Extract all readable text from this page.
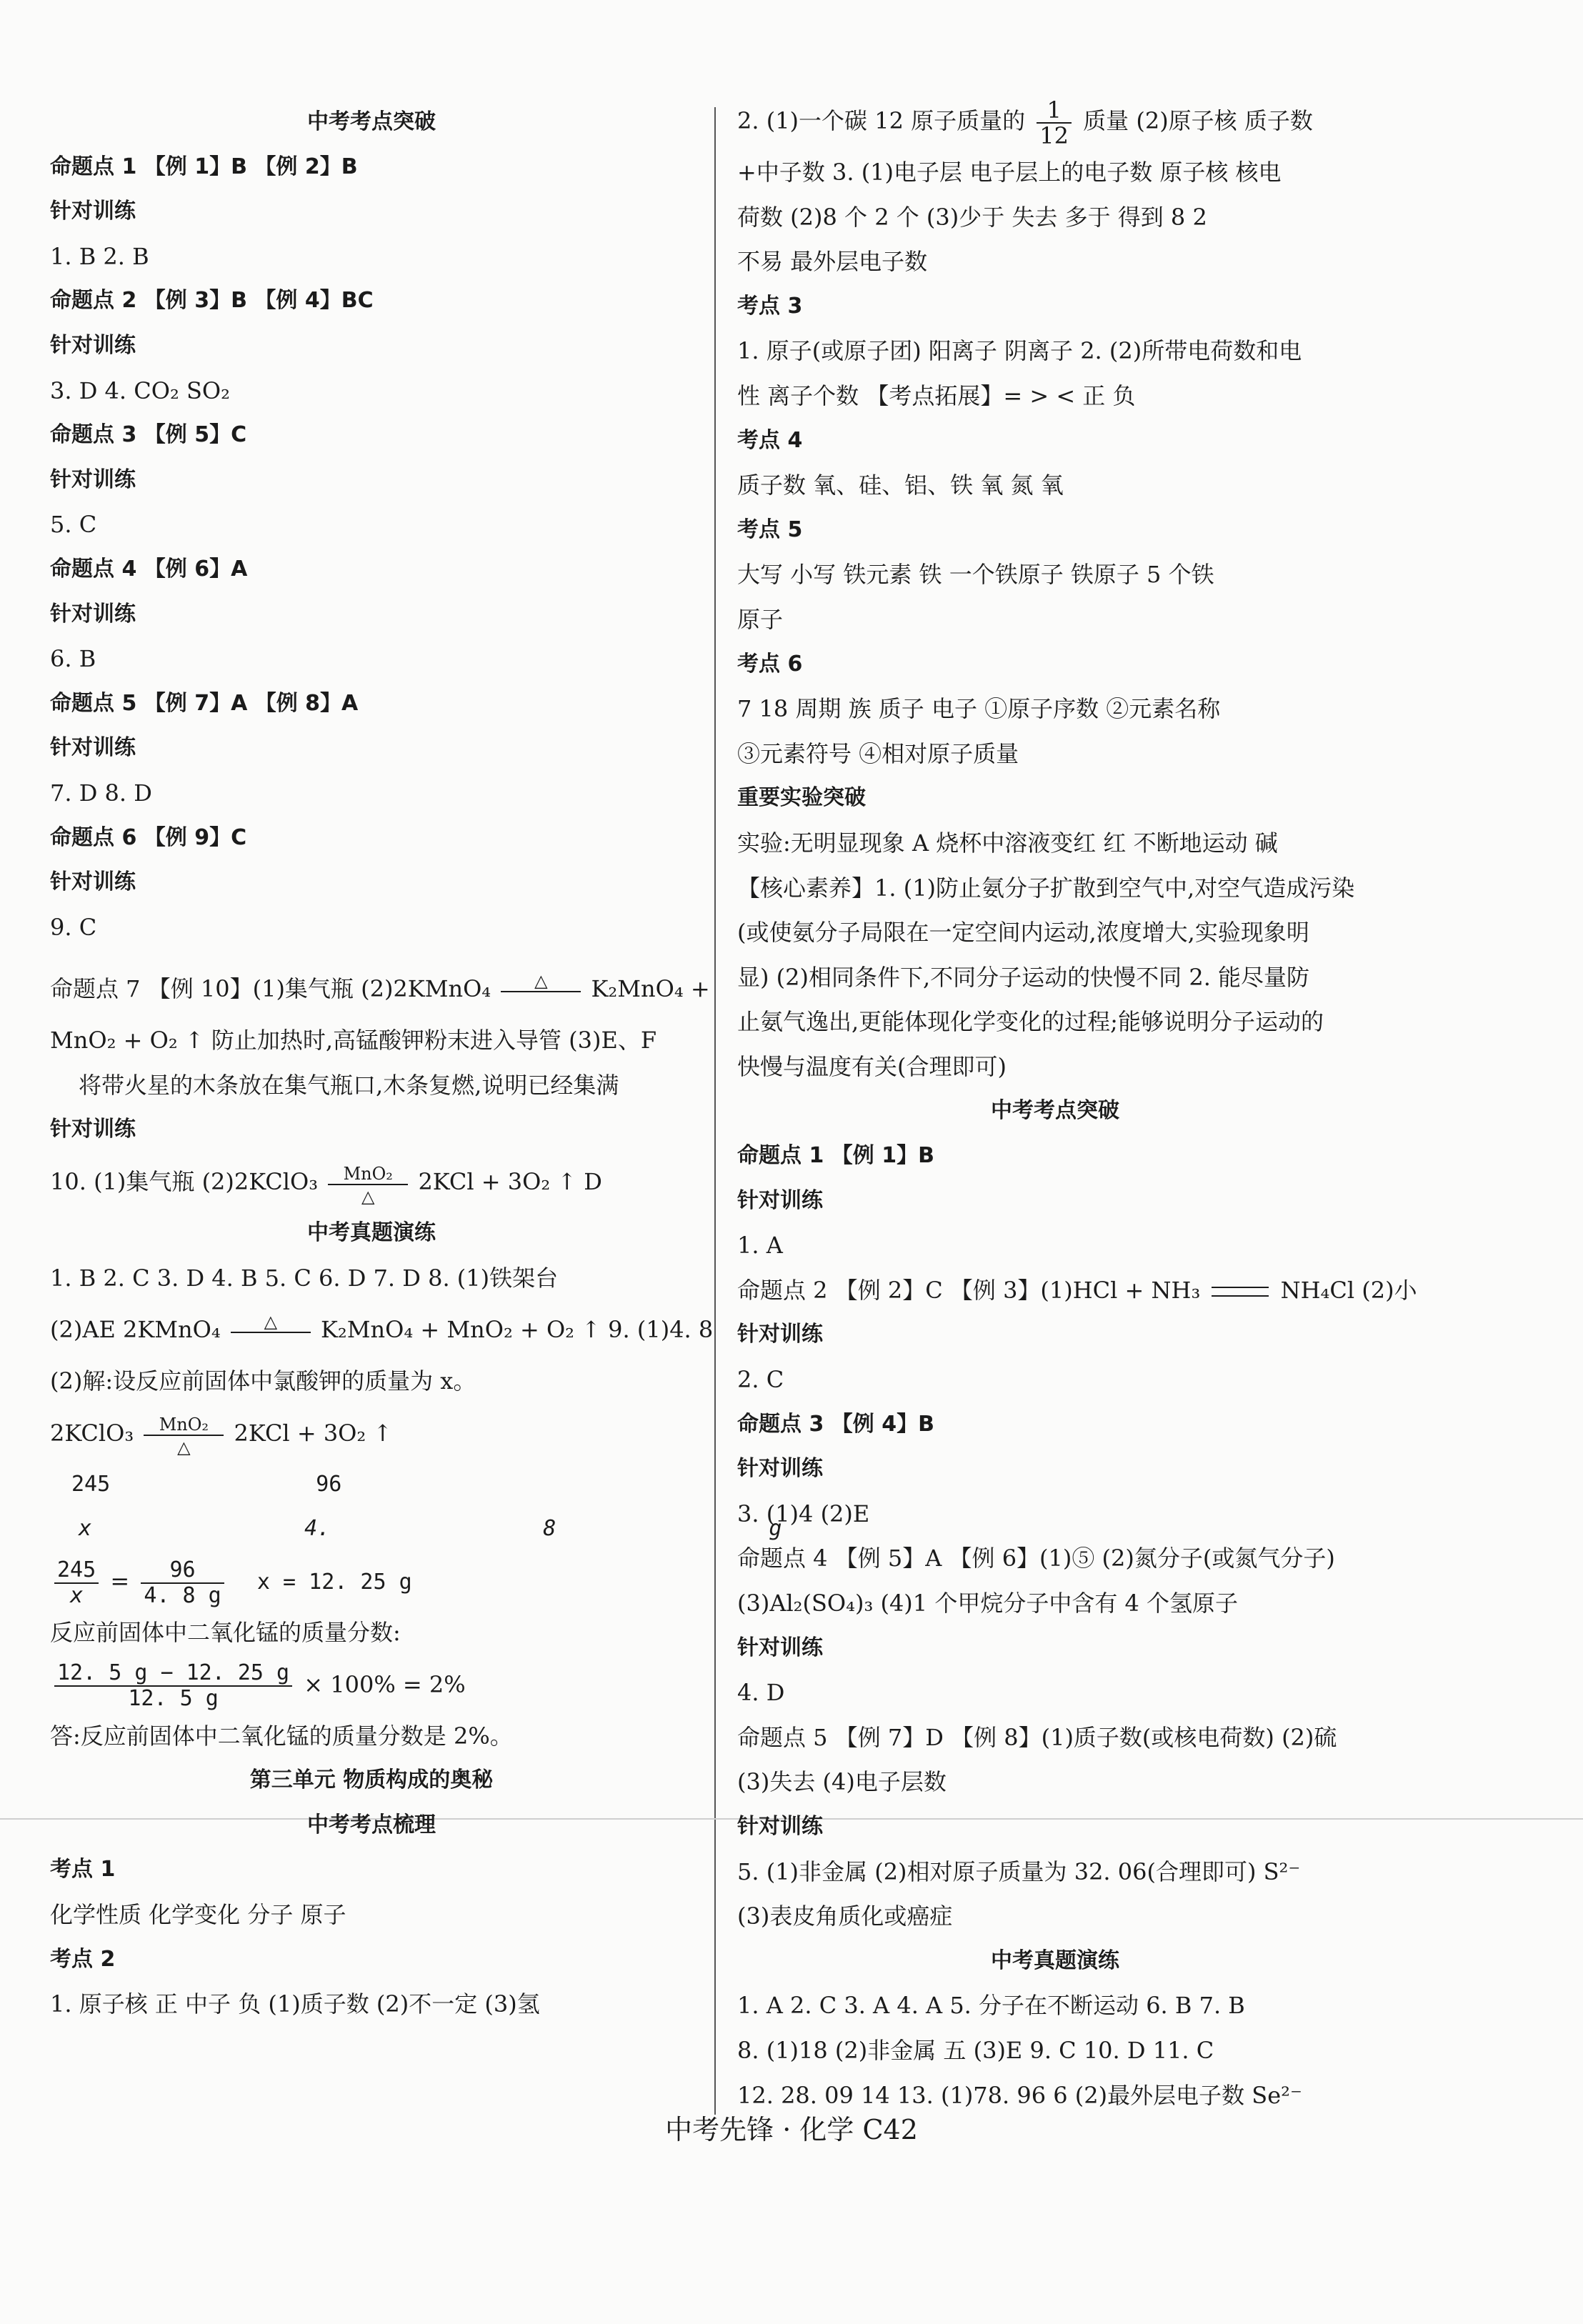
中考考点突破
命题点 1 【例 1】B 【例 2】B
针对训练
1. B 2. B
命题点 2 【例 3】B 【例 4】BC
针对训练
3. D 4. CO₂ SO₂
命题点 3 【例 5】C
针对训练
5. C
命题点 4 【例 6】A
针对训练
6. B
命题点 5 【例 7】A 【例 8】A
针对训练
7. D 8. D
命题点 6 【例 9】C
针对训练
9. C
命题点 7 【例 10】(1)集气瓶 (2)2KMnO₄	△	K₂MnO₄ +
MnO₂ + O₂ ↑ 防止加热时,高锰酸钾粉末进入导管 (3)E、F
将带火星的木条放在集气瓶口,木条复燃,说明已经集满
针对训练
10. (1)集气瓶 (2)2KClO₃	MnO₂
△
2KCl + 3O₂ ↑ D
中考真题演练
1. B 2. C 3. D 4. B 5. C 6. D 7. D 8. (1)铁架台
(2)AE 2KMnO₄	△	K₂MnO₄ + MnO₂ + O₂ ↑ 9. (1)4. 8
(2)解:设反应前固体中氯酸钾的质量为 x。
2KClO₃	MnO₂
△
2KCl + 3O₂ ↑
245 96
x 4. 8 g
$\frac{245}{x} = \frac{96}{4. 8 g}$ x = 12. 25 g
反应前固体中二氧化锰的质量分数:
$\frac{12. 5 g - 12. 25 g}{12. 5 g} \times 100\% = 2\%$
答:反应前固体中二氧化锰的质量分数是 2%。
第三单元 物质构成的奥秘
中考考点梳理
考点 1
化学性质 化学变化 分子 原子
考点 2
1. 原子核 正 中子 负 (1)质子数 (2)不一定 (3)氢
2. (1)一个碳 12 原子质量的 $\frac{1}{12}$ 质量 (2)原子核 质子数
+中子数 3. (1)电子层 电子层上的电子数 原子核 核电
荷数 (2)8 个 2 个 (3)少于 失去 多于 得到 8 2
不易 最外层电子数
考点 3
1. 原子(或原子团) 阳离子 阴离子 2. (2)所带电荷数和电
性 离子个数 【考点拓展】= > < 正 负
考点 4
质子数 氧、硅、铝、铁 氧 氮 氧
考点 5
大写 小写 铁元素 铁 一个铁原子 铁原子 5 个铁
原子
考点 6
7 18 周期 族 质子 电子 ①原子序数 ②元素名称
③元素符号 ④相对原子质量
重要实验突破
实验:无明显现象 A 烧杯中溶液变红 红 不断地运动 碱
【核心素养】1. (1)防止氨分子扩散到空气中,对空气造成污染
(或使氨分子局限在一定空间内运动,浓度增大,实验现象明
显) (2)相同条件下,不同分子运动的快慢不同 2. 能尽量防
止氨气逸出,更能体现化学变化的过程;能够说明分子运动的
快慢与温度有关(合理即可)
中考考点突破
命题点 1 【例 1】B
针对训练
1. A
命题点 2 【例 2】C 【例 3】(1)HCl + NH₃	NH₄Cl (2)小
针对训练
2. C
命题点 3 【例 4】B
针对训练
3. (1)4 (2)E
命题点 4 【例 5】A 【例 6】(1)⑤ (2)氮分子(或氮气分子)
(3)Al₂(SO₄)₃ (4)1 个甲烷分子中含有 4 个氢原子
针对训练
4. D
命题点 5 【例 7】D 【例 8】(1)质子数(或核电荷数) (2)硫
(3)失去 (4)电子层数
针对训练
5. (1)非金属 (2)相对原子质量为 32. 06(合理即可) S²⁻
(3)表皮角质化或癌症
中考真题演练
1. A 2. C 3. A 4. A 5. 分子在不断运动 6. B 7. B
8. (1)18 (2)非金属 五 (3)E 9. C 10. D 11. C
12. 28. 09 14 13. (1)78. 96 6 (2)最外层电子数 Se²⁻
中考先锋 · 化学 C42
